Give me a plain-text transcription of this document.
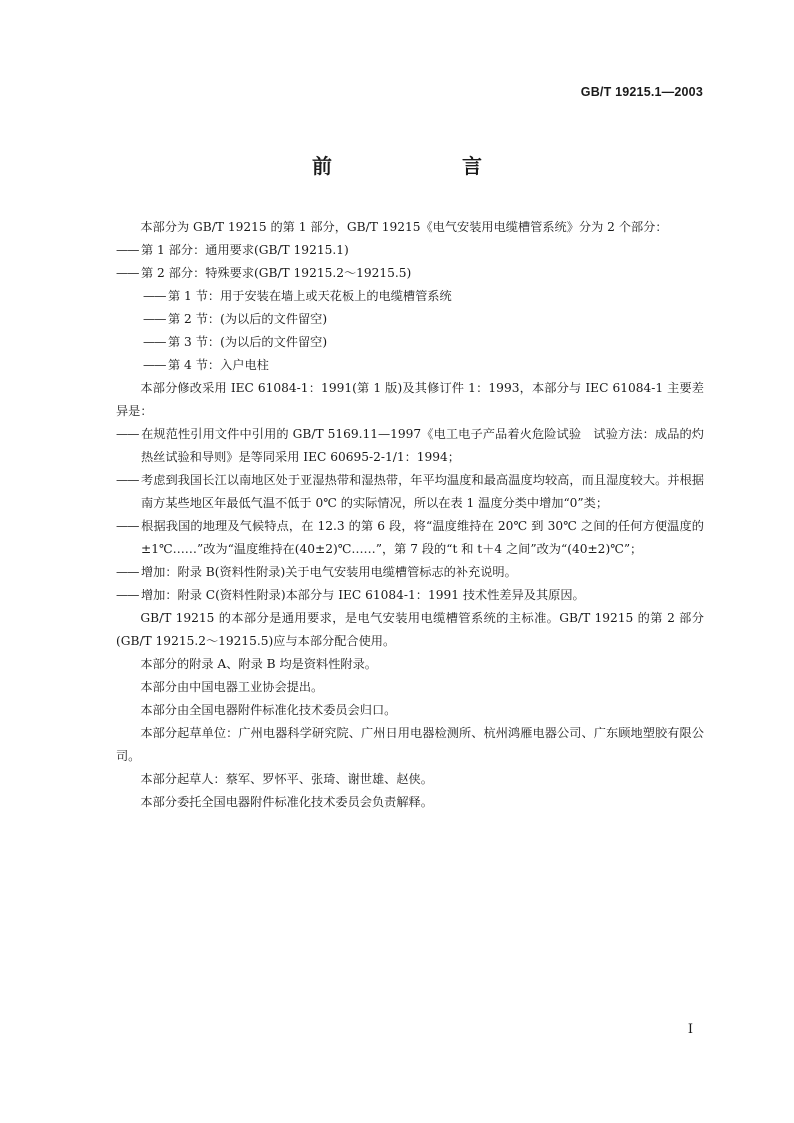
GB/T 19215.1—2003
前　　言

本部分为 GB/T 19215 的第 1 部分，GB/T 19215《电气安装用电缆槽管系统》分为 2 个部分：

—— 第 1 部分：通用要求(GB/T 19215.1)

—— 第 2 部分：特殊要求(GB/T 19215.2～19215.5)

—— 第 1 节：用于安装在墙上或天花板上的电缆槽管系统

—— 第 2 节：(为以后的文件留空)

—— 第 3 节：(为以后的文件留空)

—— 第 4 节：入户电柱

本部分修改采用 IEC 61084-1：1991(第 1 版)及其修订件 1：1993，本部分与 IEC 61084-1 主要差异是：

—— 在规范性引用文件中引用的 GB/T 5169.11—1997《电工电子产品着火危险试验　试验方法：成品的灼热丝试验和导则》是等同采用 IEC 60695-2-1/1：1994；

—— 考虑到我国长江以南地区处于亚湿热带和湿热带，年平均温度和最高温度均较高，而且湿度较大。并根据南方某些地区年最低气温不低于 0℃ 的实际情况，所以在表 1 温度分类中增加“0”类；

—— 根据我国的地理及气候特点，在 12.3 的第 6 段，将“温度维持在 20℃ 到 30℃ 之间的任何方便温度的±1℃……”改为“温度维持在(40±2)℃……”，第 7 段的“t 和 t＋4 之间”改为“(40±2)℃”；

—— 增加：附录 B(资料性附录)关于电气安装用电缆槽管标志的补充说明。

—— 增加：附录 C(资料性附录)本部分与 IEC 61084-1：1991 技术性差异及其原因。

GB/T 19215 的本部分是通用要求，是电气安装用电缆槽管系统的主标准。GB/T 19215 的第 2 部分(GB/T 19215.2～19215.5)应与本部分配合使用。

本部分的附录 A、附录 B 均是资料性附录。

本部分由中国电器工业协会提出。

本部分由全国电器附件标准化技术委员会归口。

本部分起草单位：广州电器科学研究院、广州日用电器检测所、杭州鸿雁电器公司、广东顾地塑胶有限公司。

本部分起草人：蔡军、罗怀平、张琦、谢世雄、赵侠。

本部分委托全国电器附件标准化技术委员会负责解释。

I
